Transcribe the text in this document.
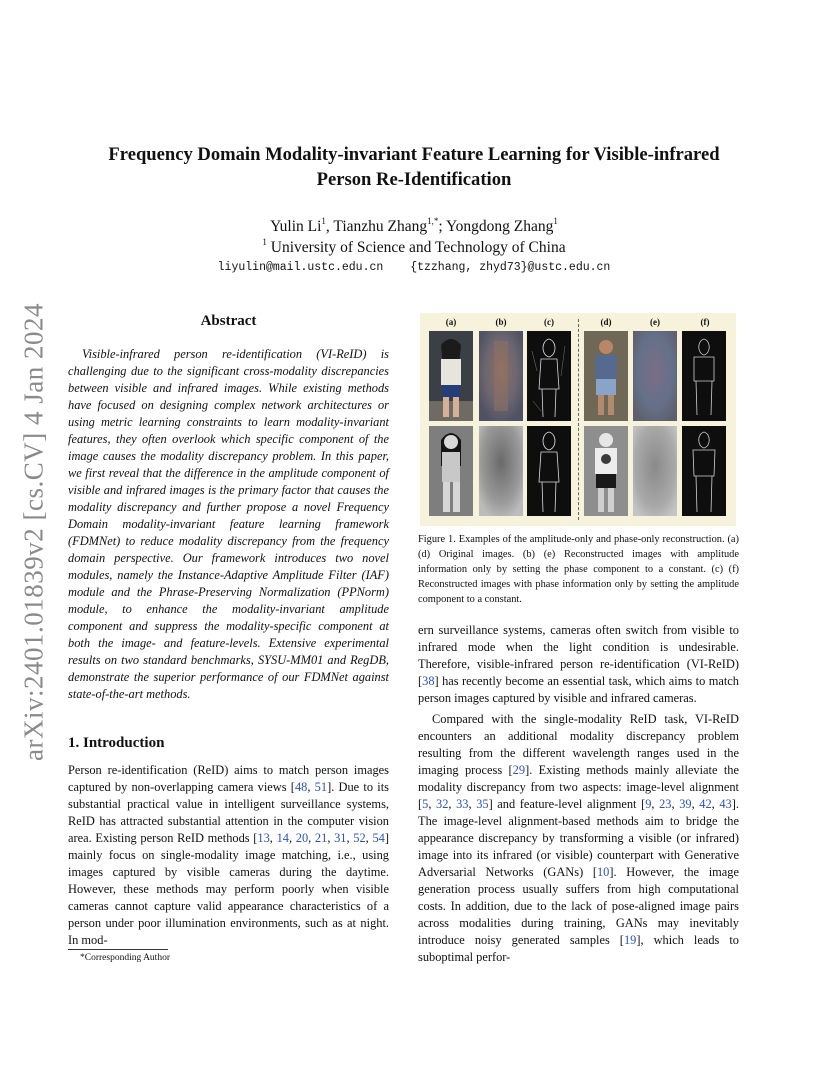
arXiv:2401.01839v2 [cs.CV] 4 Jan 2024
Frequency Domain Modality-invariant Feature Learning for Visible-infrared
Person Re-Identification
Yulin Li$^1$, Tianzhu Zhang$^{1,*}$; Yongdong Zhang$^1$
$^1$ University of Science and Technology of China
liyulin@mail.ustc.edu.cn {tzzhang, zhyd73}@ustc.edu.cn
Abstract

Visible-infrared person re-identification (VI-ReID) is challenging due to the significant cross-modality discrepancies between visible and infrared images. While existing methods have focused on designing complex network architectures or using metric learning constraints to learn modality-invariant features, they often overlook which specific component of the image causes the modality discrepancy problem. In this paper, we first reveal that the difference in the amplitude component of visible and infrared images is the primary factor that causes the modality discrepancy and further propose a novel Frequency Domain modality-invariant feature learning framework (FDMNet) to reduce modality discrepancy from the frequency domain perspective. Our framework introduces two novel modules, namely the Instance-Adaptive Amplitude Filter (IAF) module and the Phrase-Preserving Normalization (PPNorm) module, to enhance the modality-invariant amplitude component and suppress the modality-specific component at both the image- and feature-levels. Extensive experimental results on two standard benchmarks, SYSU-MM01 and RegDB, demonstrate the superior performance of our FDMNet against state-of-the-art methods.

1. Introduction

Person re-identification (ReID) aims to match person images captured by non-overlapping camera views [48, 51]. Due to its substantial practical value in intelligent surveillance systems, ReID has attracted substantial attention in the computer vision area. Existing person ReID methods [13, 14, 20, 21, 31, 52, 54] mainly focus on single-modality image matching, i.e., using images captured by visible cameras during the daytime. However, these methods may perform poorly when visible cameras cannot capture valid appearance characteristics of a person under poor illumination environments, such as at night. In mod-

*Corresponding Author
(a)	(b)	(c)	(d)	(e)	(f)
Figure 1. Examples of the amplitude-only and phase-only reconstruction. (a) (d) Original images. (b) (e) Reconstructed images with amplitude information only by setting the phase component to a constant. (c) (f) Reconstructed images with phase information only by setting the amplitude component to a constant.

ern surveillance systems, cameras often switch from visible to infrared mode when the light condition is undesirable. Therefore, visible-infrared person re-identification (VI-ReID) [38] has recently become an essential task, which aims to match person images captured by visible and infrared cameras.

Compared with the single-modality ReID task, VI-ReID encounters an additional modality discrepancy problem resulting from the different wavelength ranges used in the imaging process [29]. Existing methods mainly alleviate the modality discrepancy from two aspects: image-level alignment [5, 32, 33, 35] and feature-level alignment [9, 23, 39, 42, 43]. The image-level alignment-based methods aim to bridge the appearance discrepancy by transforming a visible (or infrared) image into its infrared (or visible) counterpart with Generative Adversarial Networks (GANs) [10]. However, the image generation process usually suffers from high computational costs. In addition, due to the lack of pose-aligned image pairs across modalities during training, GANs may inevitably introduce noisy generated samples [19], which leads to suboptimal perfor-
